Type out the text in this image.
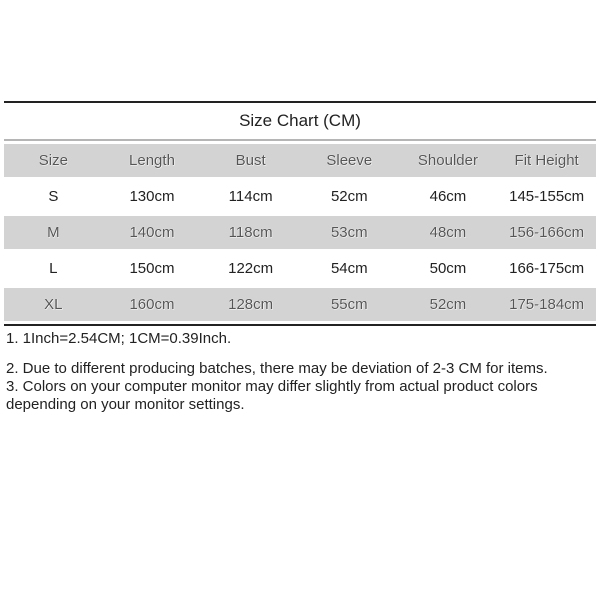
Size Chart (CM)
Size	Length	Bust	Sleeve	Shoulder	Fit Height
S	130cm	114cm	52cm	46cm	145-155cm
M	140cm	118cm	53cm	48cm	156-166cm
L	150cm	122cm	54cm	50cm	166-175cm
XL	160cm	128cm	55cm	52cm	175-184cm

1. 1Inch=2.54CM; 1CM=0.39Inch.

2. Due to different producing batches, there may be deviation of 2-3 CM for items.

3. Colors on your computer monitor may differ slightly from actual product colors depending on your monitor settings.
